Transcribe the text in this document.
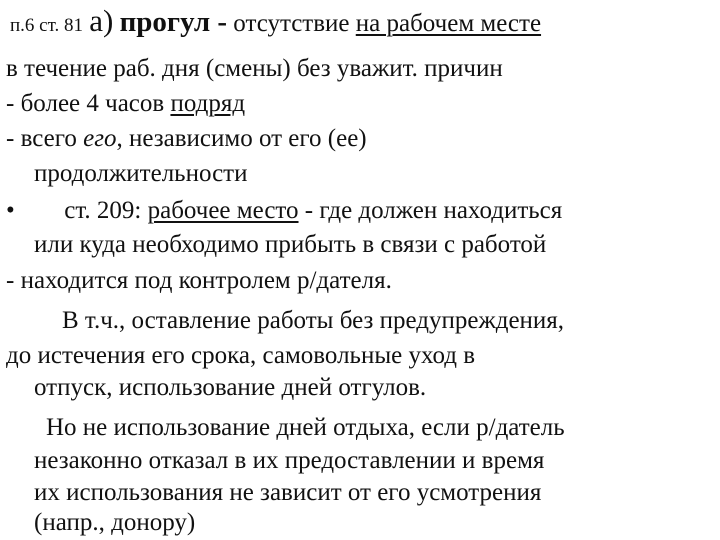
п.6 ст. 81 а) прогул - отсутствие на рабочем месте
в течение раб. дня (смены) без уважит. причин
- более 4 часов подряд
- всего его, независимо от его (ее)
продолжительности
• ст. 209: рабочее место - где должен находиться
или куда необходимо прибыть в связи с работой
- находится под контролем р/дателя.
В т.ч., оставление работы без предупреждения,
до истечения его срока, самовольные уход в
отпуск, использование дней отгулов.
Но не использование дней отдыха, если р/датель
незаконно отказал в их предоставлении и время
их использования не зависит от его усмотрения
(напр., донору)
